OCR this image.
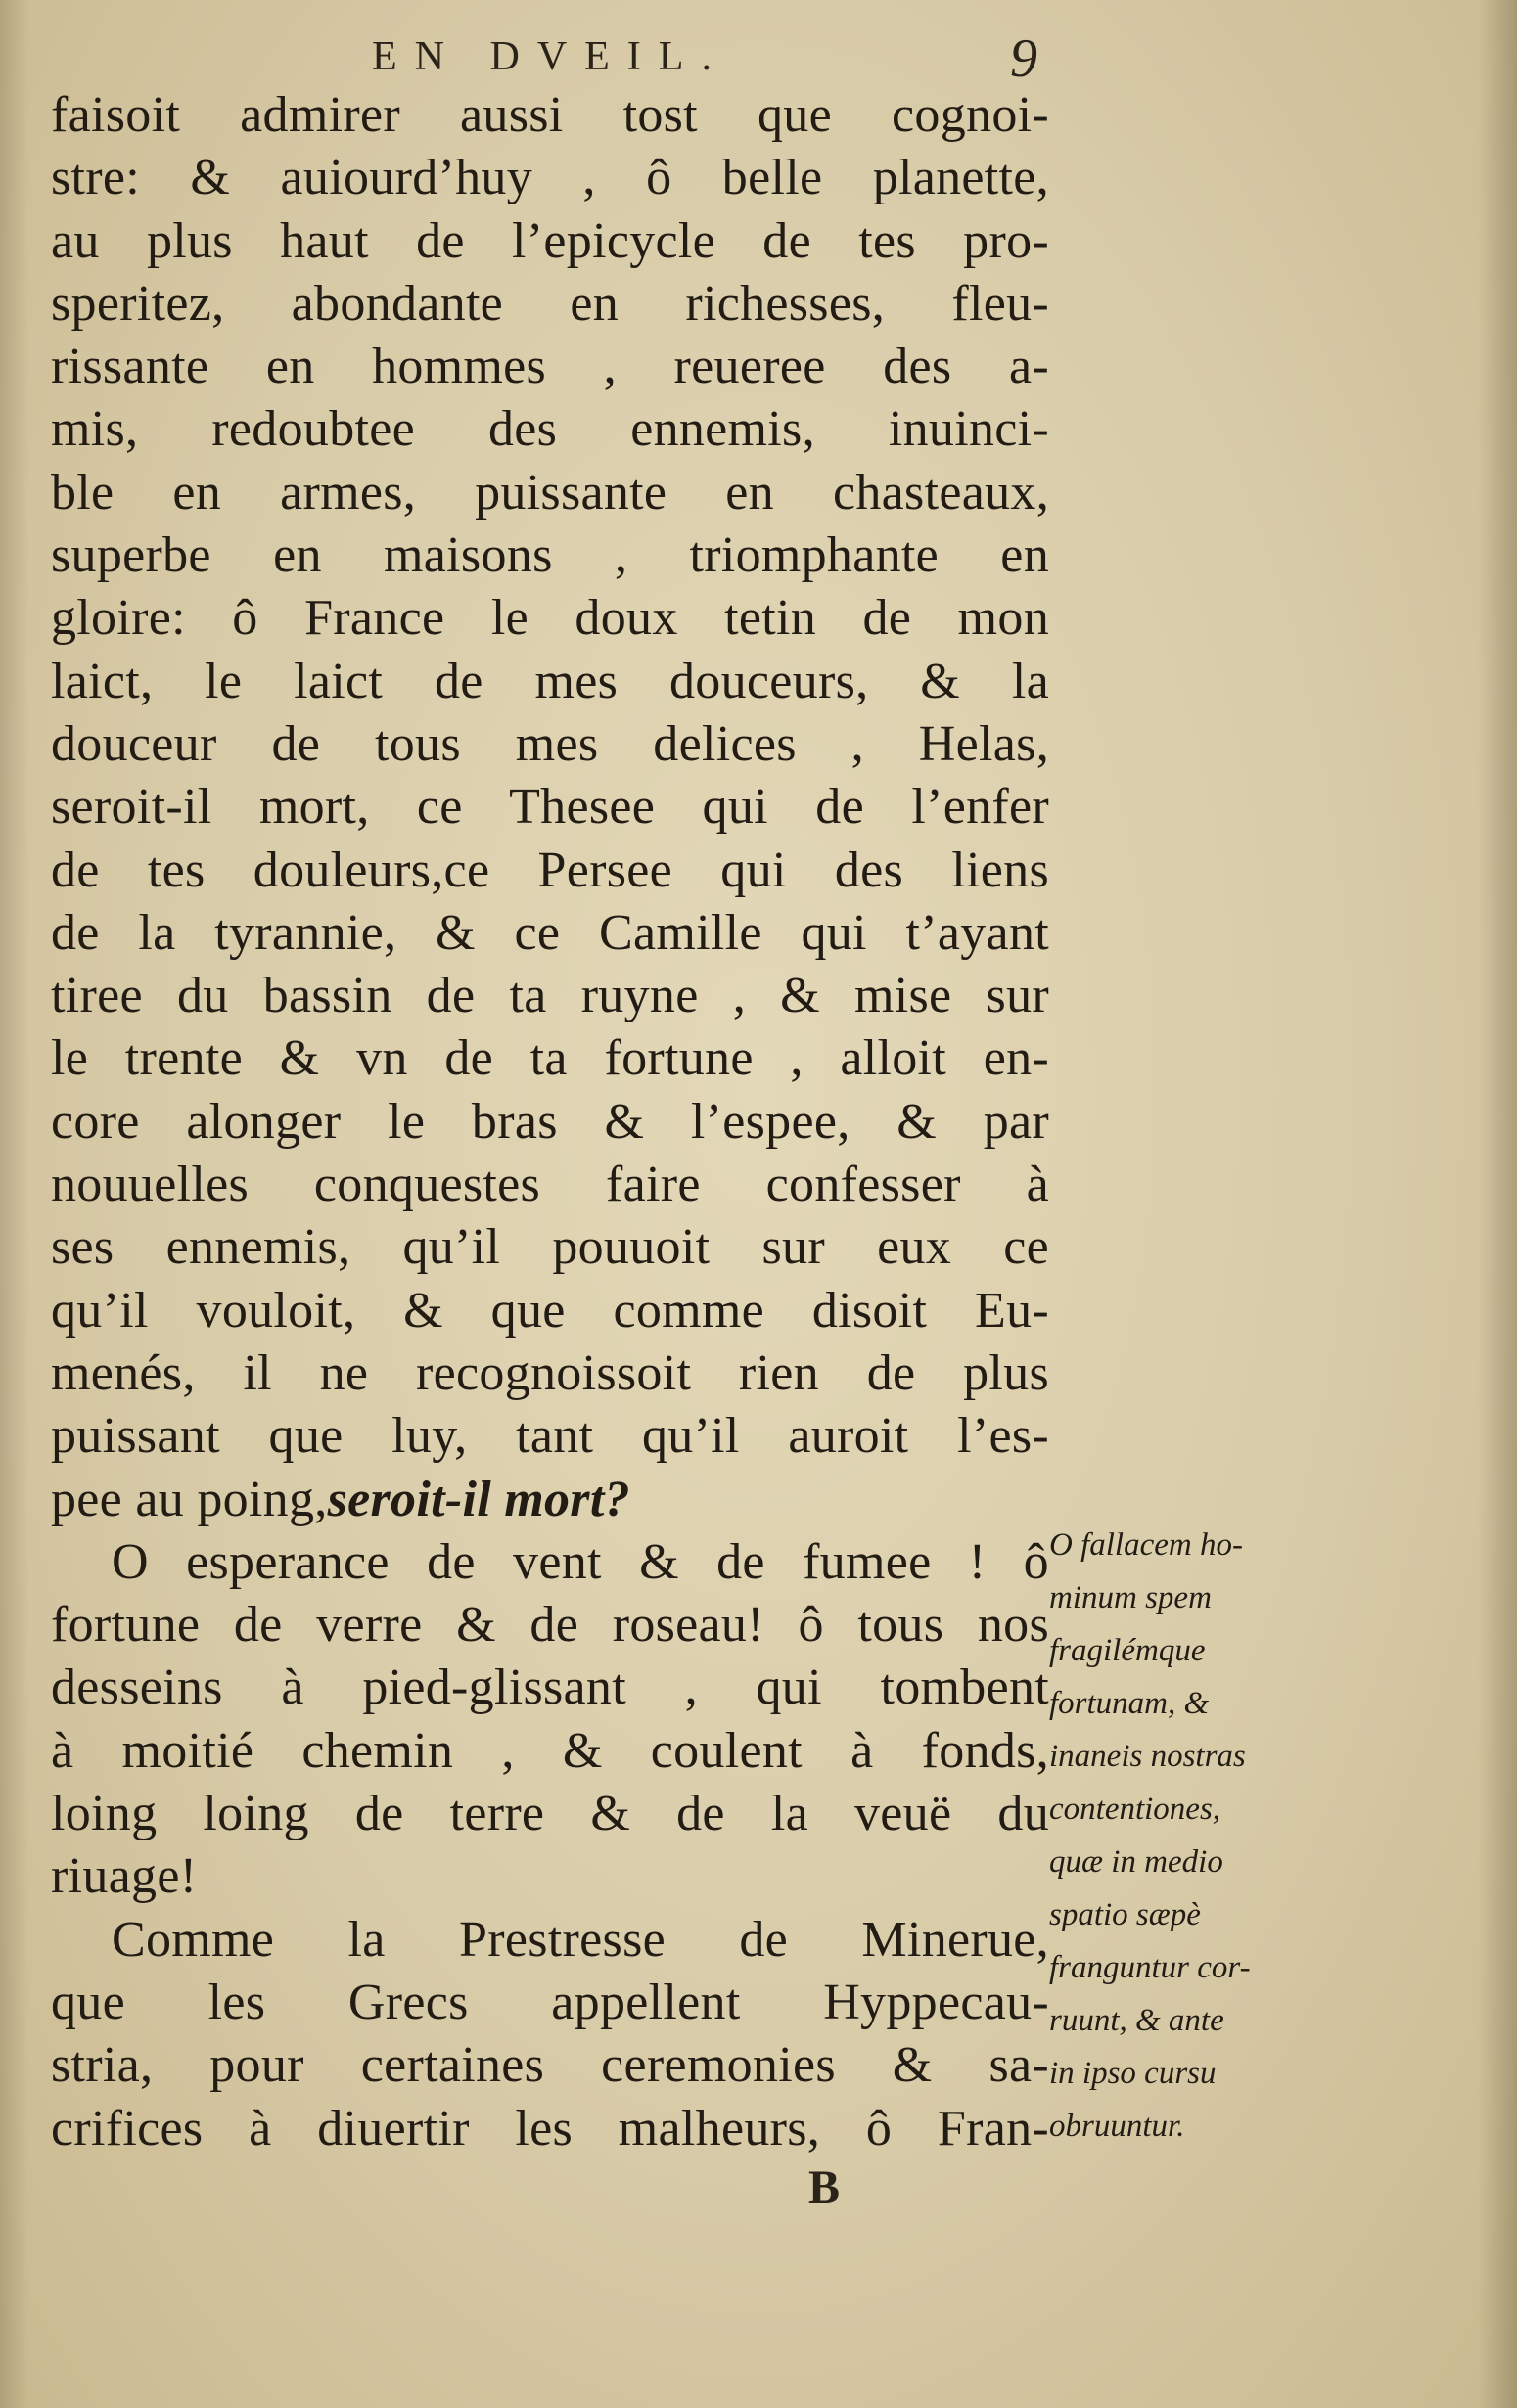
EN DVEIL.	9
faisoit admirer aussi tost que cognoi-
stre: & auiourd’huy , ô belle planette,
au plus haut de l’epicycle de tes pro-
speritez, abondante en richesses, fleu-
rissante en hommes , reueree des a-
mis, redoubtee des ennemis, inuinci-
ble en armes, puissante en chasteaux,
superbe en maisons , triomphante en
gloire: ô France le doux tetin de mon
laict, le laict de mes douceurs, & la
douceur de tous mes delices , Helas,
seroit-il mort, ce Thesee qui de l’enfer
de tes douleurs,ce Persee qui des liens
de la tyrannie, & ce Camille qui t’ayant
tiree du bassin de ta ruyne , & mise sur
le trente & vn de ta fortune , alloit en-
core alonger le bras & l’espee, & par
nouuelles conquestes faire confesser à
ses ennemis, qu’il pouuoit sur eux ce
qu’il vouloit, & que comme disoit Eu-
menés, il ne recognoissoit rien de plus
puissant que luy, tant qu’il auroit l’es-
pee au poing,seroit-il mort?
O esperance de vent & de fumee ! ô
fortune de verre & de roseau! ô tous nos
desseins à pied-glissant , qui tombent
à moitié chemin , & coulent à fonds,
loing loing de terre & de la veuë du
riuage!
Comme la Prestresse de Minerue,
que les Grecs appellent Hyppecau-
stria, pour certaines ceremonies & sa-
crifices à diuertir les malheurs, ô Fran-
O fallacem ho-
minum spem
fragilémque
fortunam, &
inaneis nostras
contentiones,
quæ in medio
spatio sæpè
franguntur cor-
ruunt, & ante
in ipso cursu
obruuntur.
B
